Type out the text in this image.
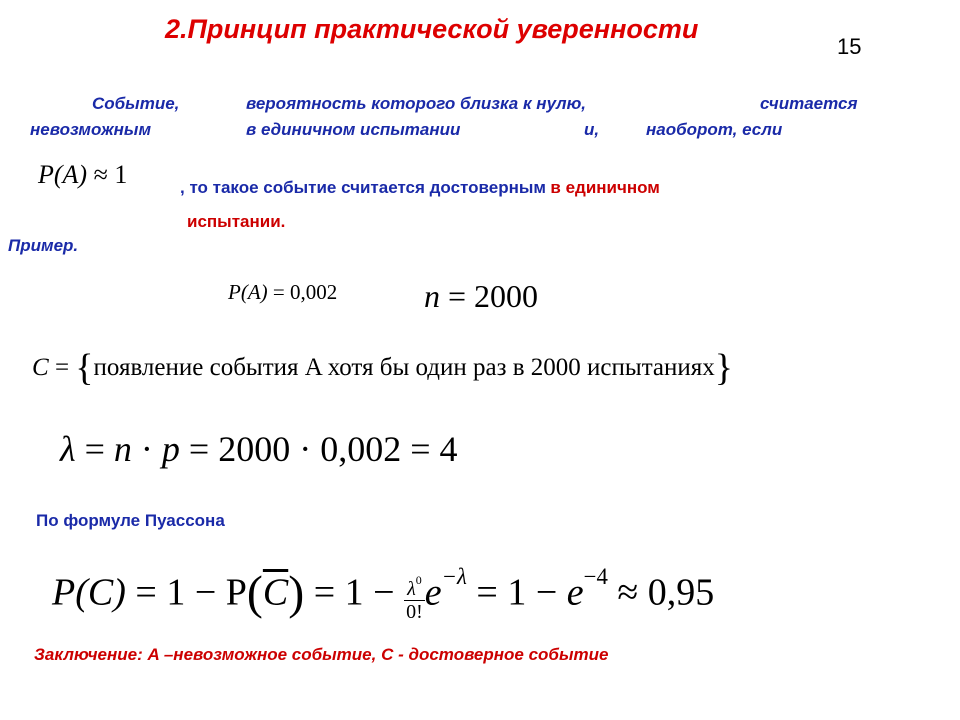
2.Принцип практической уверенности
15
Событие,	вероятность которого близка к нулю,	считается
невозможным	в единичном испытании	и,	наоборот, если
P(A) ≈ 1	, то такое событие считается достоверным в единичном
испытании.
Пример.
P(A) = 0,002	n = 2000
C = {появление события A хотя бы один раз в 2000 испытаниях}
λ = n · p = 2000 · 0,002 = 4
По формуле Пуассона
$P(C) = 1 - P(\overline{C}) = 1 - \frac{\lambda^0}{0!} e^{-\lambda} = 1 - e^{-4} \approx 0,95$
Заключение: A –невозможное событие, C - достоверное событие
